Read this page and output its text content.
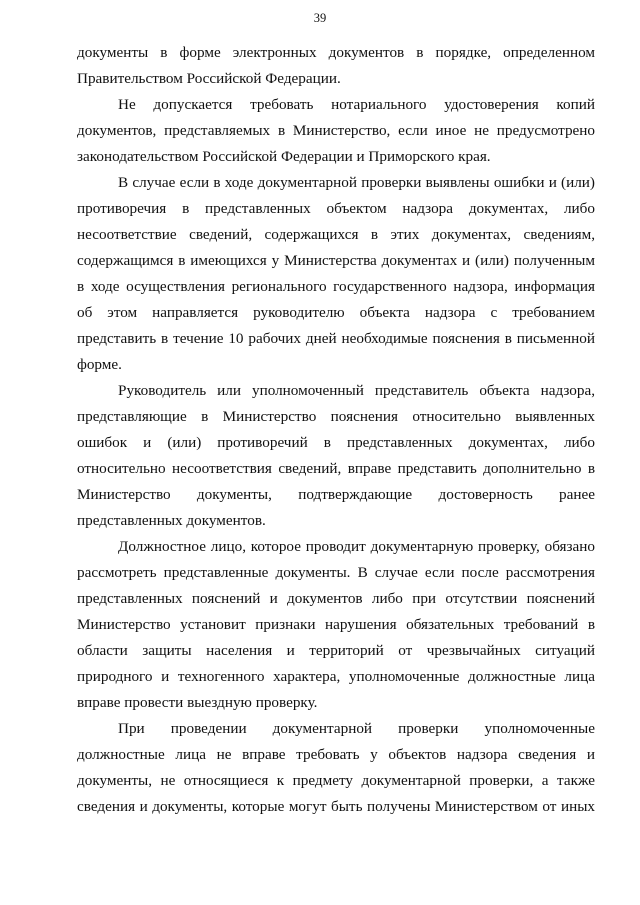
39

документы в форме электронных документов в порядке, определенном
Правительством Российской Федерации.

Не допускается требовать нотариального удостоверения копий
документов, представляемых в Министерство, если иное не предусмотрено
законодательством Российской Федерации и Приморского края.

В случае если в ходе документарной проверки выявлены ошибки и (или)
противоречия в представленных объектом надзора документах, либо
несоответствие сведений, содержащихся в этих документах, сведениям,
содержащимся в имеющихся у Министерства документах и (или) полученным
в ходе осуществления регионального государственного надзора, информация
об этом направляется руководителю объекта надзора с требованием
представить в течение 10 рабочих дней необходимые пояснения в письменной
форме.

Руководитель или уполномоченный представитель объекта надзора,
представляющие в Министерство пояснения относительно выявленных
ошибок и (или) противоречий в представленных документах, либо
относительно несоответствия сведений, вправе представить дополнительно в
Министерство документы, подтверждающие достоверность ранее
представленных документов.

Должностное лицо, которое проводит документарную проверку, обязано
рассмотреть представленные документы. В случае если после рассмотрения
представленных пояснений и документов либо при отсутствии пояснений
Министерство установит признаки нарушения обязательных требований в
области защиты населения и территорий от чрезвычайных ситуаций
природного и техногенного характера, уполномоченные должностные лица
вправе провести выездную проверку.

При проведении документарной проверки уполномоченные
должностные лица не вправе требовать у объектов надзора сведения и
документы, не относящиеся к предмету документарной проверки, а также
сведения и документы, которые могут быть получены Министерством от иных
